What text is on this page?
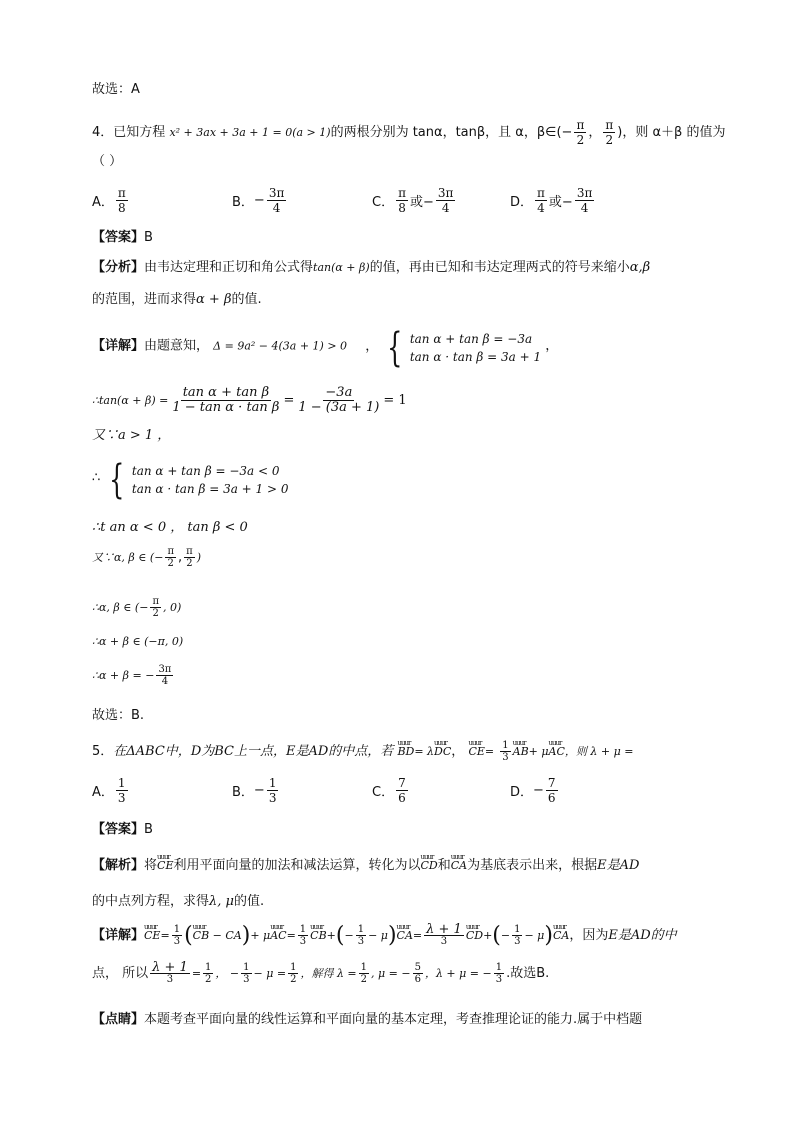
故选：A
4．已知方程 x² + 3ax + 3a + 1 = 0(a > 1)的两根分别为 tanα，tanβ，且 α，β∈(− $\frac{\pi}{2}$ ， $\frac{\pi}{2}$ )，则 α＋β 的值为
（ ）
A． $\frac{\pi}{8}$	B． − $\frac{3\pi}{4}$	C． $\frac{\pi}{8}$ 或− $\frac{3\pi}{4}$	D． $\frac{\pi}{4}$ 或− $\frac{3\pi}{4}$
【答案】B
【分析】由韦达定理和正切和角公式得tan(α + β)的值，再由已知和韦达定理两式的符号来缩小α,β
的范围，进而求得α + β的值.
【详解】由题意知， Δ = 9a² − 4(3a + 1) > 0 ， { tan α + tan β = −3a
tan α · tan β = 3a + 1
，
∴tan(α + $\beta) = \frac{\text{tan α + tan β}}{\text{1 − tan α · tan β}} = \frac{-3a}{1 - (3a + 1)} = 1$
又∵a > 1 ，
∴ { tan α + tan β = −3a < 0
tan α · tan β = 3a + 1 > 0
∴t an α < 0 ， tan β < 0
又∵α, β ∈ (− $\frac{\pi}{2}$ , $\frac{\pi}{2}$ )
∴α, β ∈ (− $\frac{\pi}{2}$ , 0)
∴α + β ∈ (−π, 0)
∴α + β = − $\frac{3\pi}{4}$
故选：B.
5．在ΔABC中，D为BC上一点，E是AD的中点，若 uuur BD= λuuur DC， uuur $CE= \frac{1}{3}$ uuur AB+ μuuur AC，则 λ + μ =
A． $\frac{1}{3}$	B． − $\frac{1}{3}$	C． $\frac{7}{6}$	D． − $\frac{7}{6}$
【答案】B
【解析】将uuur CE利用平面向量的加法和减法运算，转化为以uuur CD和uuur CA为基底表示出来，根据E是AD
的中点列方程，求得λ, μ的值.
【详解】 uuur CE = $\frac{1}{3}$ ( uuur CB − CA ) + μ uuur AC = $\frac{1}{3}$ uuur CB + ( − $\frac{1}{3} - \mu$ ) uuur CA = $\frac{\lambda + 1}{3}$ uuur CD + ( − $\frac{1}{3} - \mu$ ) uuur CA ，因为 E是AD的中
点， 所以 $\frac{\lambda + 1}{3} = \frac{1}{2}$ ， − $\frac{1}{3} - \mu = \frac{1}{2}$ ，解得 $\lambda = \frac{1}{2}$ , μ = − $\frac{5}{6}$ ，λ + μ = − $\frac{1}{3}$ .故选B.
【点睛】本题考查平面向量的线性运算和平面向量的基本定理，考查推理论证的能力.属于中档题
